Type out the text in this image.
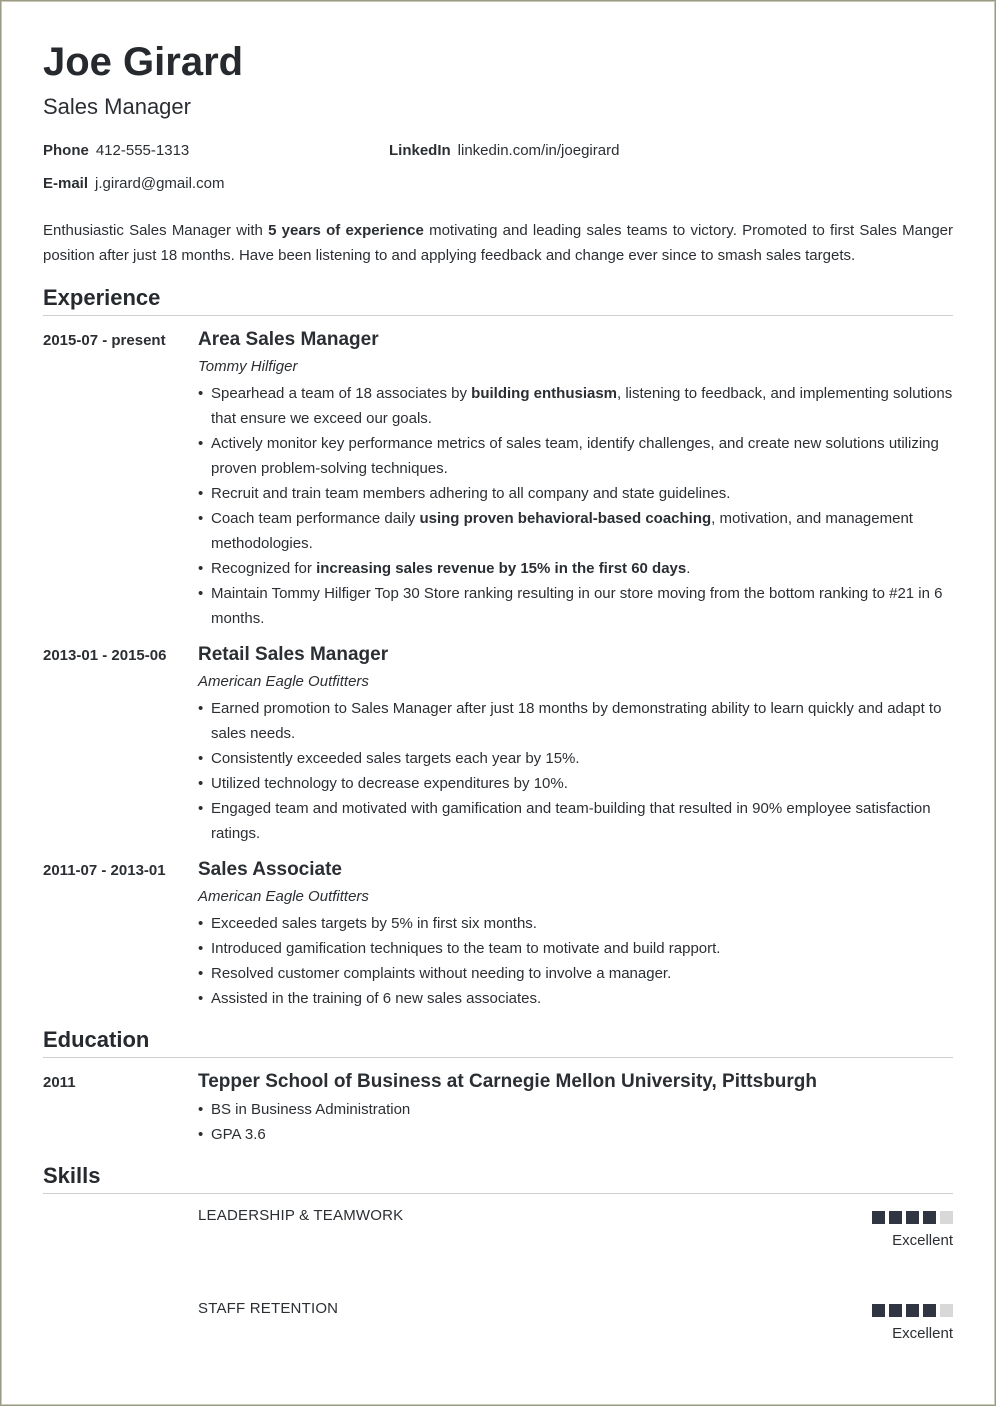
Joe Girard
Sales Manager
Phone 412-555-1313	LinkedIn linkedin.com/in/joegirard
E-mail j.girard@gmail.com

Enthusiastic Sales Manager with 5 years of experience motivating and leading sales teams to victory. Promoted to first Sales Manger position after just 18 months. Have been listening to and applying feedback and change ever since to smash sales targets.

Experience
2015-07 - present Area Sales Manager
Tommy Hilfiger
• Spearhead a team of 18 associates by building enthusiasm, listening to feedback, and implementing solutions that ensure we exceed our goals.
• Actively monitor key performance metrics of sales team, identify challenges, and create new solutions utilizing proven problem-solving techniques.
• Recruit and train team members adhering to all company and state guidelines.
• Coach team performance daily using proven behavioral-based coaching, motivation, and management methodologies.
• Recognized for increasing sales revenue by 15% in the first 60 days.
• Maintain Tommy Hilfiger Top 30 Store ranking resulting in our store moving from the bottom ranking to #21 in 6 months.
2013-01 - 2015-06 Retail Sales Manager
American Eagle Outfitters
• Earned promotion to Sales Manager after just 18 months by demonstrating ability to learn quickly and adapt to sales needs.
• Consistently exceeded sales targets each year by 15%.
• Utilized technology to decrease expenditures by 10%.
• Engaged team and motivated with gamification and team-building that resulted in 90% employee satisfaction ratings.
2011-07 - 2013-01 Sales Associate
American Eagle Outfitters
• Exceeded sales targets by 5% in first six months.
• Introduced gamification techniques to the team to motivate and build rapport.
• Resolved customer complaints without needing to involve a manager.
• Assisted in the training of 6 new sales associates.
Education
2011	Tepper School of Business at Carnegie Mellon University, Pittsburgh
• BS in Business Administration
• GPA 3.6
Skills
LEADERSHIP & TEAMWORK
Excellent
STAFF RETENTION
Excellent
